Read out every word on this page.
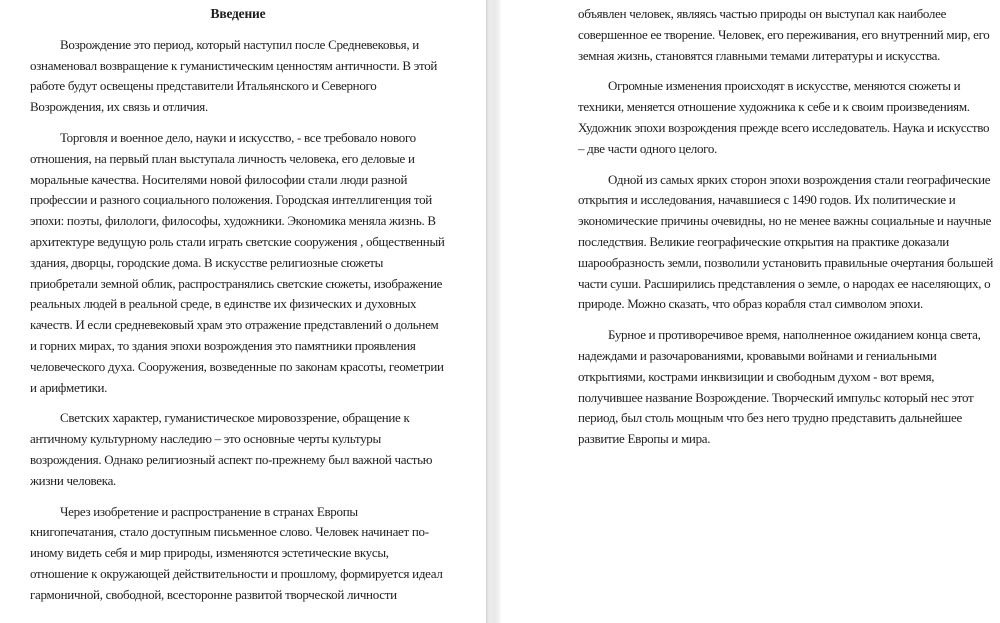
Введение

Возрождение это период, который наступил после Средневековья, и ознаменовал возвращение к гуманистическим ценностям античности. В этой работе будут освещены представители Итальянского и Северного Возрождения, их связь и отличия.

Торговля и военное дело, науки и искусство, - все требовало нового отношения, на первый план выступала личность человека, его деловые и моральные качества. Носителями новой философии стали люди разной профессии и разного социального положения. Городская интеллигенция той эпохи: поэты, филологи, философы, художники. Экономика меняла жизнь. В архитектуре ведущую роль стали играть светские сооружения , общественный здания, дворцы, городские дома. В искусстве религиозные сюжеты приобретали земной облик, распространялись светские сюжеты, изображение реальных людей в реальной среде, в единстве их физических и духовных качеств. И если средневековый храм это отражение представлений о дольнем и горних мирах, то здания эпохи возрождения это памятники проявления человеческого духа. Сооружения, возведенные по законам красоты, геометрии и арифметики.

Светских характер, гуманистическое мировоззрение, обращение к античному культурному наследию – это основные черты культуры возрождения. Однако религиозный аспект по-прежнему был важной частью жизни человека.

Через изобретение и распространение в странах Европы книгопечатания, стало доступным письменное слово. Человек начинает по-иному видеть себя и мир природы, изменяются эстетические вкусы, отношение к окружающей действительности и прошлому, формируется идеал гармоничной, свободной, всесторонне развитой творческой личности

объявлен человек, являясь частью природы он выступал как наиболее совершенное ее творение. Человек, его переживания, его внутренний мир, его земная жизнь, становятся главными темами литературы и искусства.

Огромные изменения происходят в искусстве, меняются сюжеты и техники, меняется отношение художника к себе и к своим произведениям. Художник эпохи возрождения прежде всего исследователь. Наука и искусство – две части одного целого.

Одной из самых ярких сторон эпохи возрождения стали географические открытия и исследования, начавшиеся с 1490 годов. Их политические и экономические причины очевидны, но не менее важны социальные и научные последствия. Великие географические открытия на практике доказали шарообразность земли, позволили установить правильные очертания большей части суши. Расширились представления о земле, о народах ее населяющих, о природе. Можно сказать, что образ корабля стал символом эпохи.

Бурное и противоречивое время, наполненное ожиданием конца света, надеждами и разочарованиями, кровавыми войнами и гениальными открытиями, кострами инквизиции и свободным духом - вот время, получившее название Возрождение. Творческий импульс который нес этот период, был столь мощным что без него трудно представить дальнейшее развитие Европы и мира.
